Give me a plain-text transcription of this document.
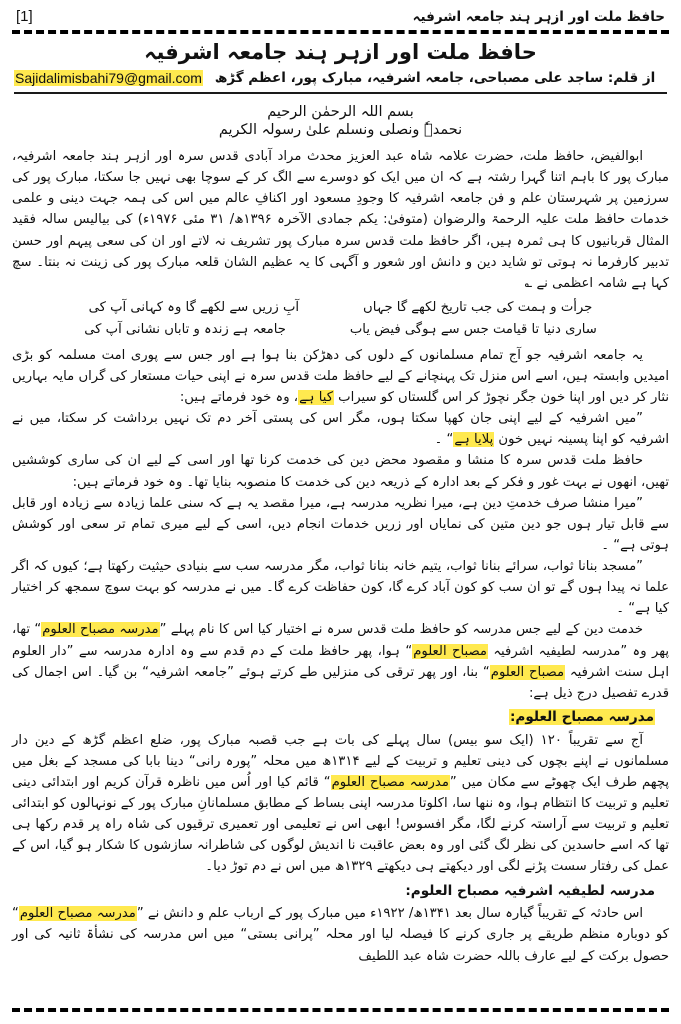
حافظ ملت اور ازہر ہند جامعہ اشرفیہ
[1]
حافظ ملت اور ازہر ہند جامعہ اشرفیہ
از قلم: ساجد علی مصباحی، جامعہ اشرفیہ، مبارک پور، اعظم گڑھ
Sajidalimisbahi79@gmail.com
بسم اللہ الرحمٰن الرحیم
نحمدہٗ ونصلی ونسلم علیٰ رسولہ الکریم

ابوالفیض، حافظ ملت، حضرت علامہ شاہ عبد العزیز محدث مراد آبادی قدس سرہ اور ازہر ہند جامعہ اشرفیہ، مبارک پور کا باہم اتنا گہرا رشتہ ہے کہ ان میں ایک کو دوسرے سے الگ کر کے سوچا بھی نہیں جا سکتا، مبارک پور کی سرزمین پر شہرستان علم و فن جامعہ اشرفیہ کا وجودِ مسعود اور اکنافِ عالم میں اس کی ہمہ جہت دینی و علمی خدمات حافظ ملت علیہ الرحمۃ والرضوان (متوفیٰ: یکم جمادی الآخرہ ۱۳۹۶ھ/ ۳۱ مئی ۱۹۷۶ء) کی بیالیس سالہ فقید المثال قربانیوں کا ہی ثمرہ ہیں، اگر حافظ ملت قدس سرہ مبارک پور تشریف نہ لاتے اور ان کی سعی پیہم اور حسن تدبیر کارفرما نہ ہوتی تو شاید دین و دانش اور شعور و آگہی کا یہ عظیم الشان قلعہ مبارک پور کی زینت نہ بنتا۔ سچ کہا ہے شامہ اعظمی نے ؎

جرأت و ہمت کی جب تاریخ لکھے گا جہاں
آبِ زریں سے لکھے گا وہ کہانی آپ کی
ساری دنیا تا قیامت جس سے ہوگی فیض یاب
جامعہ ہے زندہ و تاباں نشانی آپ کی

یہ جامعہ اشرفیہ جو آج تمام مسلمانوں کے دلوں کی دھڑکن بنا ہوا ہے اور جس سے پوری امت مسلمہ کو بڑی امیدیں وابستہ ہیں، اسے اس منزل تک پہنچانے کے لیے حافظ ملت قدس سرہ نے اپنی حیات مستعار کی گراں مایہ بہاریں نثار کر دیں اور اپنا خون جگر نچوڑ کر اس گلستاں کو سیراب کیا ہے، وہ خود فرماتے ہیں:

”میں اشرفیہ کے لیے اپنی جان کھپا سکتا ہوں، مگر اس کی پستی آخر دم تک نہیں برداشت کر سکتا، میں نے اشرفیہ کو اپنا پسینہ نہیں خون پلایا ہے“ ۔

حافظ ملت قدس سرہ کا منشا و مقصود محض دین کی خدمت کرنا تھا اور اسی کے لیے ان کی ساری کوششیں تھیں، انھوں نے بہت غور و فکر کے بعد ادارہ کے ذریعہ دین کی خدمت کا منصوبہ بنایا تھا۔ وہ خود فرماتے ہیں:

”میرا منشا صرف خدمتِ دین ہے، میرا نظریہ مدرسہ ہے، میرا مقصد یہ ہے کہ سنی علما زیادہ سے زیادہ اور قابل سے قابل تیار ہوں جو دین متین کی نمایاں اور زریں خدمات انجام دیں، اسی کے لیے میری تمام تر سعی اور کوشش ہوتی ہے“ ۔

”مسجد بنانا ثواب، سرائے بنانا ثواب، یتیم خانہ بنانا ثواب، مگر مدرسہ سب سے بنیادی حیثیت رکھتا ہے؛ کیوں کہ اگر علما نہ پیدا ہوں گے تو ان سب کو کون آباد کرے گا، کون حفاظت کرے گا۔ میں نے مدرسہ کو بہت سوچ سمجھ کر اختیار کیا ہے“ ۔

خدمت دین کے لیے جس مدرسہ کو حافظ ملت قدس سرہ نے اختیار کیا اس کا نام پہلے ”مدرسہ مصباح العلوم“ تھا، پھر وہ ”مدرسہ لطیفیہ اشرفیہ مصباح العلوم“ ہوا، پھر حافظ ملت کے دم قدم سے وہ ادارہ مدرسہ سے ”دار العلوم اہل سنت اشرفیہ مصباح العلوم“ بنا، اور پھر ترقی کی منزلیں طے کرتے ہوئے ”جامعہ اشرفیہ“ بن گیا۔ اس اجمال کی قدرے تفصیل درج ذیل ہے:

مدرسہ مصباح العلوم:

آج سے تقریباً ۱۲۰ (ایک سو بیس) سال پہلے کی بات ہے جب قصبہ مبارک پور، ضلع اعظم گڑھ کے دین دار مسلمانوں نے اپنے بچوں کی دینی تعلیم و تربیت کے لیے ۱۳۱۴ھ میں محلہ ”پورہ رانی“ دینا بابا کی مسجد کے بغل میں پچھم طرف ایک چھوٹے سے مکان میں ”مدرسہ مصباح العلوم“ قائم کیا اور اُس میں ناظرہ قرآن کریم اور ابتدائی دینی تعلیم و تربیت کا انتظام ہوا، وہ ننھا سا، اکلوتا مدرسہ اپنی بساط کے مطابق مسلمانانِ مبارک پور کے نونہالوں کو ابتدائی تعلیم و تربیت سے آراستہ کرنے لگا، مگر افسوس! ابھی اس نے تعلیمی اور تعمیری ترقیوں کی شاہ راہ پر قدم رکھا ہی تھا کہ اسے حاسدین کی نظر لگ گئی اور وہ بعض عاقبت نا اندیش لوگوں کی شاطرانہ سازشوں کا شکار ہو گیا، اس کے عمل کی رفتار سست پڑنے لگی اور دیکھتے ہی دیکھتے ۱۳۲۹ھ میں اس نے دم توڑ دیا۔

مدرسہ لطیفیہ اشرفیہ مصباح العلوم:

اس حادثہ کے تقریباً گیارہ سال بعد ۱۳۴۱ھ/ ۱۹۲۲ء میں مبارک پور کے ارباب علم و دانش نے ”مدرسہ مصباح العلوم“ کو دوبارہ منظم طریقے پر جاری کرنے کا فیصلہ لیا اور محلہ ”پرانی بستی“ میں اس مدرسہ کی نشأۃ ثانیہ کی اور حصول برکت کے لیے عارف باللہ حضرت شاہ عبد اللطیف
